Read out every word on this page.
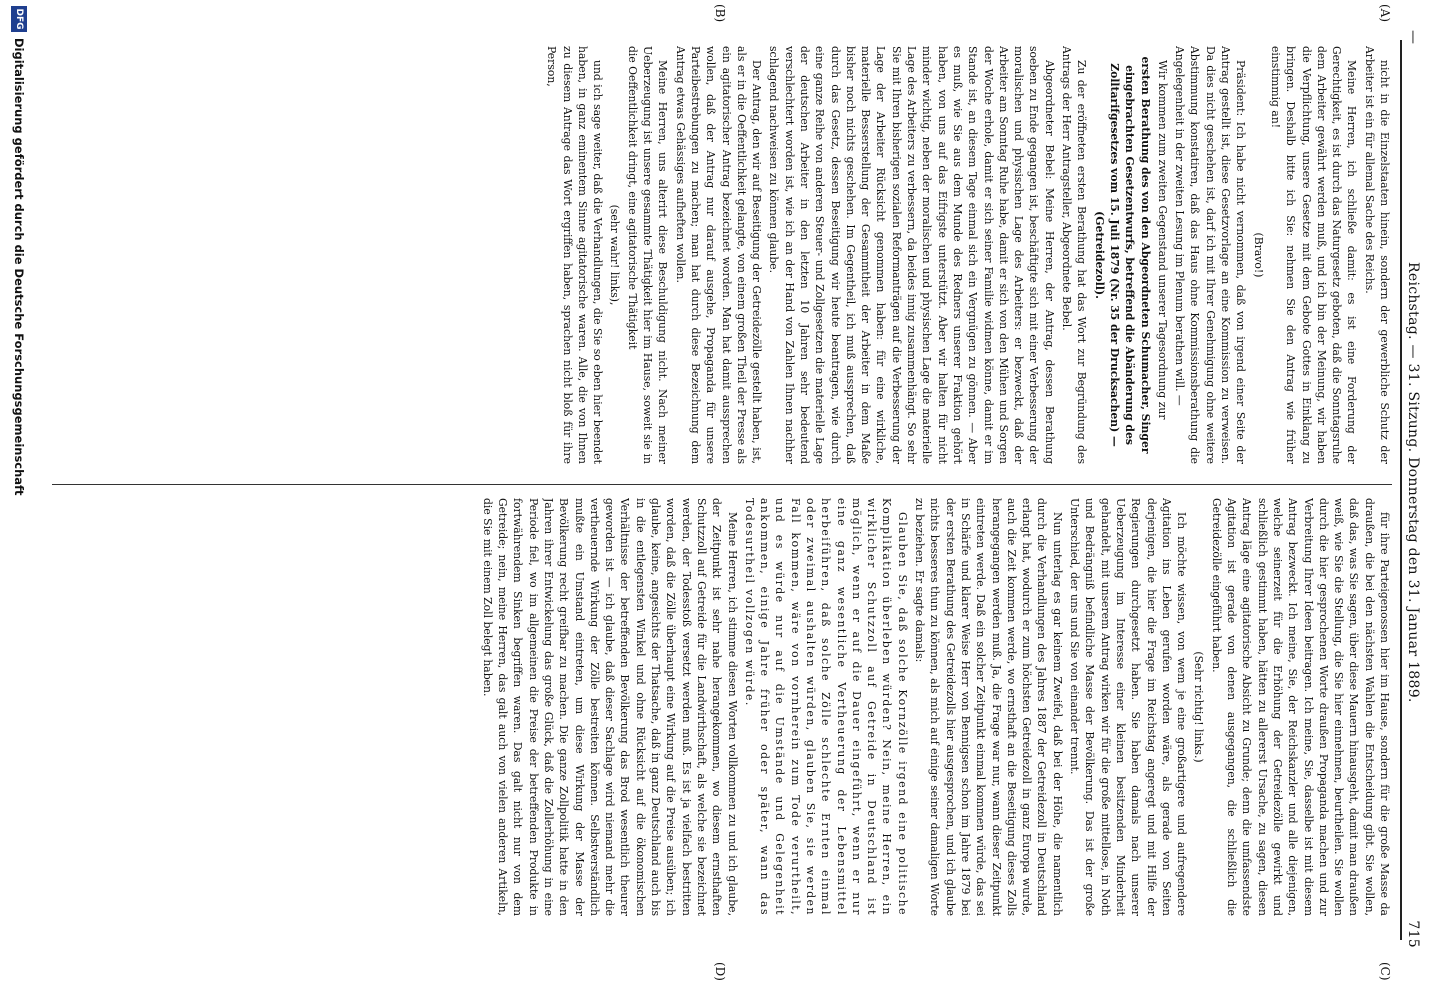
—
Reichstag. — 31. Sitzung. Donnerstag den 31. Januar 1889.
715
(A)
(B)
(C)
(D)

nicht in die Einzelstaaten hinein, sondern der gewerbliche Schutz der Arbeiter ist ein für allemal Sache des Reichs.

Meine Herren, ich schließe damit: es ist eine Forderung der Gerechtigkeit, es ist durch das Naturgesetz geboten, daß die Sonntagsruhe dem Arbeiter gewährt werden muß, und ich bin der Meinung, wir haben die Verpflichtung, unsere Gesetze mit dem Gebote Gottes in Einklang zu bringen. Deshalb bitte ich Sie: nehmen Sie den Antrag wie früher einstimmig an!

(Bravo!)

Präsident: Ich habe nicht vernommen, daß von irgend einer Seite der Antrag gestellt ist, diese Gesetzvorlage an eine Kommission zu verweisen. Da dies nicht geschehen ist, darf ich mit Ihrer Genehmigung ohne weitere Abstimmung konstatiren, daß das Haus ohne Kommissionsberathung die Angelegenheit in der zweiten Lesung im Plenum berathen will. —

Wir kommen zum zweiten Gegenstand unserer Tagesordnung zur

ersten Berathung des von den Abgeordneten Schumacher, Singer eingebrachten Gesetzentwurfs, betreffend die Abänderung des Zolltarifgesetzes vom 15. Juli 1879 (Nr. 35 der Drucksachen) — (Getreidezoll).

Zu der eröffneten ersten Berathung hat das Wort zur Begründung des Antrags der Herr Antragsteller, Abgeordnete Bebel.

Abgeordneter Bebel: Meine Herren, der Antrag, dessen Berathung soeben zu Ende gegangen ist, beschäftigte sich mit einer Verbesserung der moralischen und physischen Lage des Arbeiters: er bezweckt, daß der Arbeiter am Sonntag Ruhe habe, damit er sich von den Mühen und Sorgen der Woche erhole, damit er sich seiner Familie widmen könne, damit er im Stande ist, an diesem Tage einmal sich ein Vergnügen zu gönnen. — Aber es muß, wie Sie aus dem Munde des Redners unserer Fraktion gehört haben, von uns auf das Eifrigste unterstützt. Aber wir halten für nicht minder wichtig, neben der moralischen und physischen Lage die materielle Lage des Arbeiters zu verbessern, da beides innig zusammenhängt. So sehr Sie mit Ihren bisherigen sozialen Reformanträgen auf die Verbesserung der Lage der Arbeiter Rücksicht genommen haben: für eine wirkliche, materielle Besserstellung der Gesammtheit der Arbeiter in dem Maße bisher noch nichts geschehen. Im Gegentheil, ich muß aussprechen, daß durch das Gesetz, dessen Beseitigung wir heute beantragen, wie durch eine ganze Reihe von anderen Steuer- und Zollgesetzen die materielle Lage der deutschen Arbeiter in den letzten 10 Jahren sehr bedeutend verschlechtert worden ist, wie ich an der Hand von Zahlen Ihnen nachher schlagend nachweisen zu können glaube.

Der Antrag, den wir auf Beseitigung der Getreidezölle gestellt haben, ist, als er in die Oeffentlichkeit gelangte, von einem großen Theil der Presse als ein agitatorischer Antrag bezeichnet worden. Man hat damit aussprechen wollen, daß der Antrag nur darauf ausgehe, Propaganda für unsere Parteibestrebungen zu machen; man hat durch diese Bezeichnung dem Antrag etwas Gehässiges aufheften wollen.

Meine Herren, uns alterirt diese Beschuldigung nicht. Nach meiner Ueberzeugung ist unsere gesammte Thätigkeit hier im Hause, soweit sie in die Oeffentlichkeit dringt, eine agitatorische Thätigkeit

(sehr wahr! links),

und ich sage weiter, daß die Verhandlungen, die Sie so eben hier beendet haben, in ganz eminentem Sinne agitatorische waren. Alle, die von Ihnen zu diesem Antrage das Wort ergriffen haben, sprachen nicht bloß für ihre Person,

für ihre Parteigenossen hier im Hause, sondern für die große Masse da draußen, die bei den nächsten Wahlen die Entscheidung gibt. Sie wollen, daß das, was Sie sagen, über diese Mauern hinausgeht, damit man draußen weiß, wie Sie die Stellung, die Sie hier einnehmen, beurtheilen. Sie wollen durch die hier gesprochenen Worte draußen Propaganda machen und zur Verbreitung Ihrer Ideen beitragen. Ich meine, Sie, dasselbe ist mit diesem Antrag bezweckt. Ich meine, Sie, der Reichskanzler und alle diejenigen, welche seinerzeit für die Erhöhung der Getreidezölle gewirkt und schließlich gestimmt haben, hätten zu allererst Ursache, zu sagen, diesen Antrag läge eine agitatorische Absicht zu Grunde; denn die umfassendste Agitation ist gerade von denen ausgegangen, die schließlich die Getreidezölle eingeführt haben.

(Sehr richtig! links.)

Ich möchte wissen, von wem je eine großartigere und aufregendere Agitation ins Leben gerufen worden wäre, als gerade von Seiten derjenigen, die hier die Frage im Reichstag angeregt und mit Hilfe der Regierungen durchgesetzt haben. Sie haben damals nach unserer Ueberzeugung im Interesse einer kleinen besitzenden Minderheit gehandelt, mit unserem Antrag wirken wir für die große mittellose, in Noth und Bedrängniß befindliche Masse der Bevölkerung. Das ist der große Unterschied, der uns und Sie von einander trennt.

Nun unterlag es gar keinem Zweifel, daß bei der Höhe, die namentlich durch die Verhandlungen des Jahres 1887 der Getreidezoll in Deutschland erlangt hat, wodurch er zum höchsten Getreidezoll in ganz Europa wurde, auch die Zeit kommen werde, wo ernsthaft an die Beseitigung dieses Zolls herangegangen werden muß. Ja, die Frage war nur, wann dieser Zeitpunkt eintreten werde. Daß ein solcher Zeitpunkt einmal kommen würde, das sei in Schärfe und klarer Weise Herr von Bennigsen schon im Jahre 1879 bei der ersten Berathung des Getreidezolls hier ausgesprochen, und ich glaube nichts besseres thun zu können, als mich auf einige seiner damaligen Worte zu beziehen. Er sagte damals:

Glauben Sie, daß solche Kornzölle irgend eine politische Komplikation überleben würden? Nein, meine Herren, ein wirklicher Schutzzoll auf Getreide in Deutschland ist möglich, wenn er auf die Dauer eingeführt, wenn er nur eine ganz wesentliche Vertheuerung der Lebensmittel herbeiführen, daß solche Zölle schlechte Ernten einmal oder zweimal aushalten würden, glauben Sie, sie werden Fall kommen, wäre von vornherein zum Tode verurtheilt, und es würde nur auf die Umstände und Gelegenheit ankommen, einige Jahre früher oder später, wann das Todesurtheil vollzogen würde.

Meine Herren, ich stimme diesen Worten vollkommen zu und ich glaube, der Zeitpunkt ist sehr nahe herangekommen, wo diesem ernsthaften Schutzzoll auf Getreide für die Landwirthschaft, als welche sie bezeichnet werden, der Todesstoß versetzt werden muß. Es ist ja vielfach bestritten worden, daß die Zölle überhaupt eine Wirkung auf die Preise ausüben; ich glaube, keine, angesichts der Thatsache, daß in ganz Deutschland auch bis in die entlegensten Winkel und ohne Rücksicht auf die ökonomischen Verhältnisse der betreffenden Bevölkerung das Brod wesentlich theurer geworden ist — ich glaube, daß dieser Sachlage wird niemand mehr die vertheuernde Wirkung der Zölle bestreiten können. Selbstverständlich mußte ein Umstand eintreten, um diese Wirkung der Masse der Bevölkerung recht greifbar zu machen. Die ganze Zollpolitik hatte in den Jahren ihrer Entwickelung das große Glück, daß die Zollerhöhung in eine Periode fiel, wo im allgemeinen die Preise der betreffenden Produkte in fortwährendem Sinken begriffen waren. Das galt nicht nur von dem Getreide; nein, meine Herren, das galt auch von vielen anderen Artikeln, die Sie mit einem Zoll belegt haben.

DFG
Digitalisierung gefördert durch die Deutsche Forschungsgemeinschaft
